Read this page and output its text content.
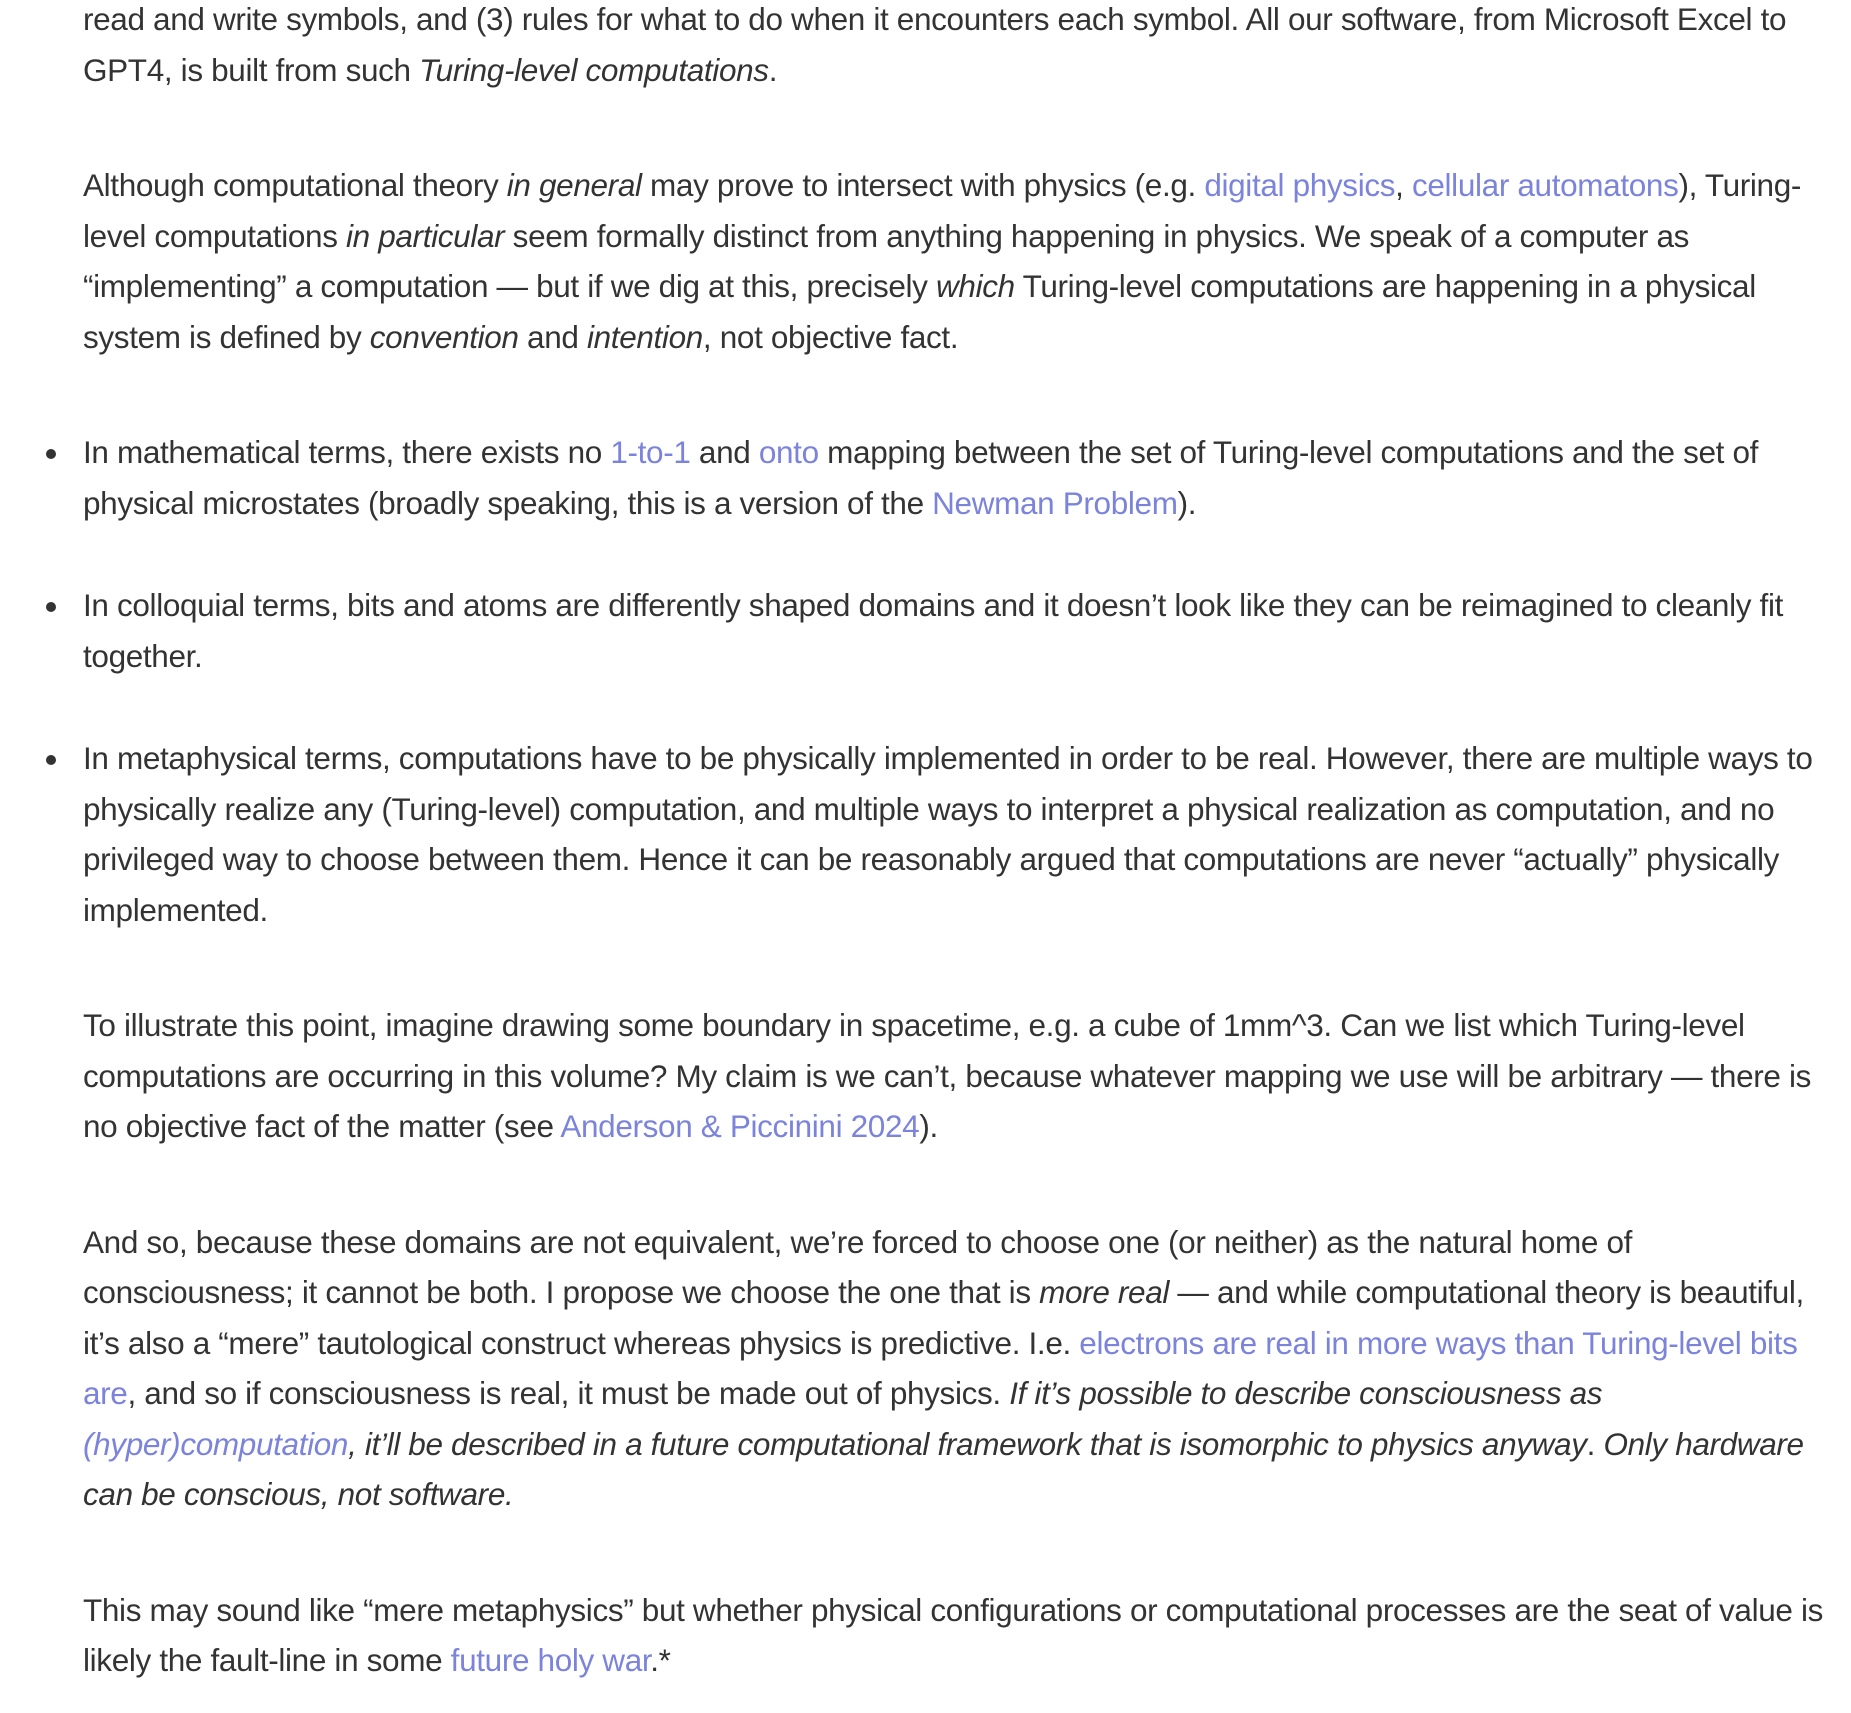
read and write symbols, and (3) rules for what to do when it encounters each symbol. All our software, from Microsoft Excel to GPT4, is built from such Turing-level computations.

Although computational theory in general may prove to intersect with physics (e.g. digital physics, cellular automatons), Turing-level computations in particular seem formally distinct from anything happening in physics. We speak of a computer as “implementing” a computation — but if we dig at this, precisely which Turing-level computations are happening in a physical system is defined by convention and intention, not objective fact.

In mathematical terms, there exists no 1-to-1 and onto mapping between the set of Turing-level computations and the set of physical microstates (broadly speaking, this is a version of the Newman Problem).
In colloquial terms, bits and atoms are differently shaped domains and it doesn’t look like they can be reimagined to cleanly fit together.
In metaphysical terms, computations have to be physically implemented in order to be real. However, there are multiple ways to physically realize any (Turing-level) computation, and multiple ways to interpret a physical realization as computation, and no privileged way to choose between them. Hence it can be reasonably argued that computations are never “actually” physically implemented.

To illustrate this point, imagine drawing some boundary in spacetime, e.g. a cube of 1mm^3. Can we list which Turing-level computations are occurring in this volume? My claim is we can’t, because whatever mapping we use will be arbitrary — there is no objective fact of the matter (see Anderson & Piccinini 2024).

And so, because these domains are not equivalent, we’re forced to choose one (or neither) as the natural home of consciousness; it cannot be both. I propose we choose the one that is more real — and while computational theory is beautiful, it’s also a “mere” tautological construct whereas physics is predictive. I.e. electrons are real in more ways than Turing-level bits are, and so if consciousness is real, it must be made out of physics. If it’s possible to describe consciousness as (hyper)computation, it’ll be described in a future computational framework that is isomorphic to physics anyway. Only hardware can be conscious, not software.

This may sound like “mere metaphysics” but whether physical configurations or computational processes are the seat of value is likely the fault-line in some future holy war.*
